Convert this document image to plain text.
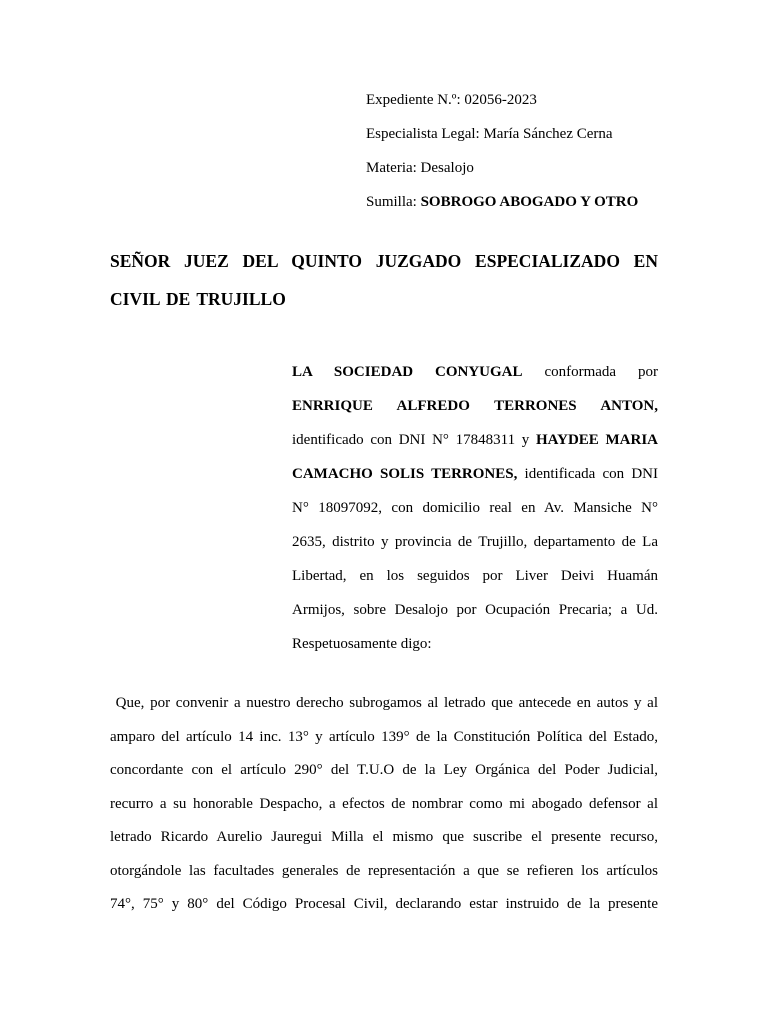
Expediente N.º: 02056-2023
Especialista Legal: María Sánchez Cerna
Materia: Desalojo
Sumilla: SOBROGO ABOGADO Y OTRO
SEÑOR JUEZ DEL QUINTO JUZGADO ESPECIALIZADO EN
CIVIL DE TRUJILLO
LA SOCIEDAD CONYUGAL conformada por
ENRRIQUE ALFREDO TERRONES ANTON,
identificado con DNI N° 17848311 y HAYDEE MARIA
CAMACHO SOLIS TERRONES, identificada con DNI
N° 18097092, con domicilio real en Av. Mansiche N°
2635, distrito y provincia de Trujillo, departamento de La
Libertad, en los seguidos por Liver Deivi Huamán
Armijos, sobre Desalojo por Ocupación Precaria; a Ud.
Respetuosamente digo:
Que, por convenir a nuestro derecho subrogamos al letrado que antecede en autos y al
amparo del artículo 14 inc. 13° y artículo 139° de la Constitución Política del Estado,
concordante con el artículo 290° del T.U.O de la Ley Orgánica del Poder Judicial,
recurro a su honorable Despacho, a efectos de nombrar como mi abogado defensor al
letrado Ricardo Aurelio Jauregui Milla el mismo que suscribe el presente recurso,
otorgándole las facultades generales de representación a que se refieren los artículos
74°, 75° y 80° del Código Procesal Civil, declarando estar instruido de la presente
